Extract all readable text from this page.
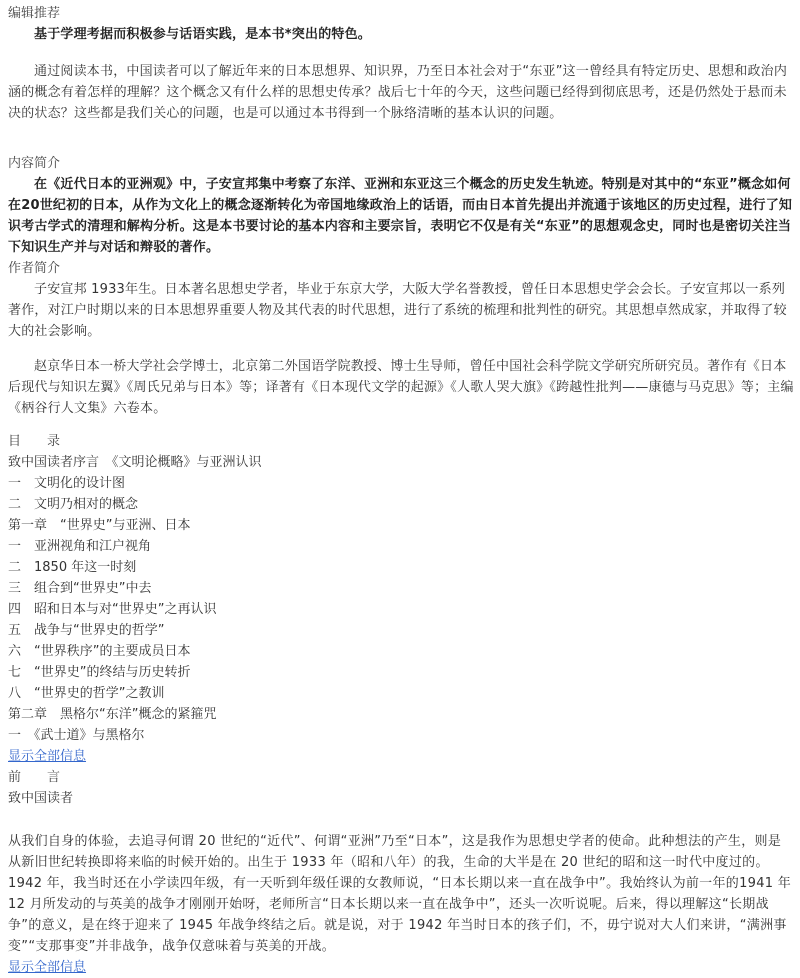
编辑推荐
基于学理考据而积极参与话语实践，是本书*突出的特色。
通过阅读本书，中国读者可以了解近年来的日本思想界、知识界，乃至日本社会对于“东亚”这一曾经具有特定历史、思想和政治内涵的概念有着怎样的理解？这个概念又有什么样的思想史传承？战后七十年的今天，这些问题已经得到彻底思考，还是仍然处于悬而未决的状态？这些都是我们关心的问题，也是可以通过本书得到一个脉络清晰的基本认识的问题。
内容简介
在《近代日本的亚洲观》中，子安宣邦集中考察了东洋、亚洲和东亚这三个概念的历史发生轨迹。特别是对其中的“东亚”概念如何在20世纪初的日本，从作为文化上的概念逐渐转化为帝国地缘政治上的话语，而由日本首先提出并流通于该地区的历史过程，进行了知识考古学式的清理和解构分析。这是本书要讨论的基本内容和主要宗旨，表明它不仅是有关“东亚”的思想观念史，同时也是密切关注当下知识生产并与对话和辩驳的著作。
作者简介
子安宣邦 1933年生。日本著名思想史学者，毕业于东京大学，大阪大学名誉教授，曾任日本思想史学会会长。子安宣邦以一系列著作，对江户时期以来的日本思想界重要人物及其代表的时代思想，进行了系统的梳理和批判性的研究。其思想卓然成家，并取得了较大的社会影响。
赵京华日本一桥大学社会学博士，北京第二外国语学院教授、博士生导师，曾任中国社会科学院文学研究所研究员。著作有《日本后现代与知识左翼》《周氏兄弟与日本》等；译著有《日本现代文学的起源》《人歌人哭大旗》《跨越性批判——康德与马克思》等；主编《柄谷行人文集》六卷本。
目　　录
致中国读者序言　《文明论概略》与亚洲认识
一　文明化的设计图
二　文明乃相对的概念
第一章　“世界史”与亚洲、日本
一　亚洲视角和江户视角
二　1850 年这一时刻
三　组合到“世界史”中去
四　昭和日本与对“世界史”之再认识
五　战争与“世界史的哲学”
六　“世界秩序”的主要成员日本
七　“世界史”的终结与历史转折
八　“世界史的哲学”之教训
第二章　黑格尔“东洋”概念的紧箍咒
一　《武士道》与黑格尔
显示全部信息
前　　言
致中国读者
从我们自身的体验，去追寻何谓 20 世纪的“近代”、何谓“亚洲”乃至“日本”，这是我作为思想史学者的使命。此种想法的产生，则是从新旧世纪转换即将来临的时候开始的。出生于 1933 年（昭和八年）的我，生命的大半是在 20 世纪的昭和这一时代中度过的。1942 年，我当时还在小学读四年级，有一天听到年级任课的女教师说，“日本长期以来一直在战争中”。我始终认为前一年的1941 年 12 月所发动的与英美的战争才刚刚开始呀，老师所言“日本长期以来一直在战争中”，还头一次听说呢。后来，得以理解这“长期战争”的意义，是在终于迎来了 1945 年战争终结之后。就是说，对于 1942 年当时日本的孩子们，不，毋宁说对大人们来讲，“满洲事变”“支那事变”并非战争，战争仅意味着与英美的开战。
显示全部信息
